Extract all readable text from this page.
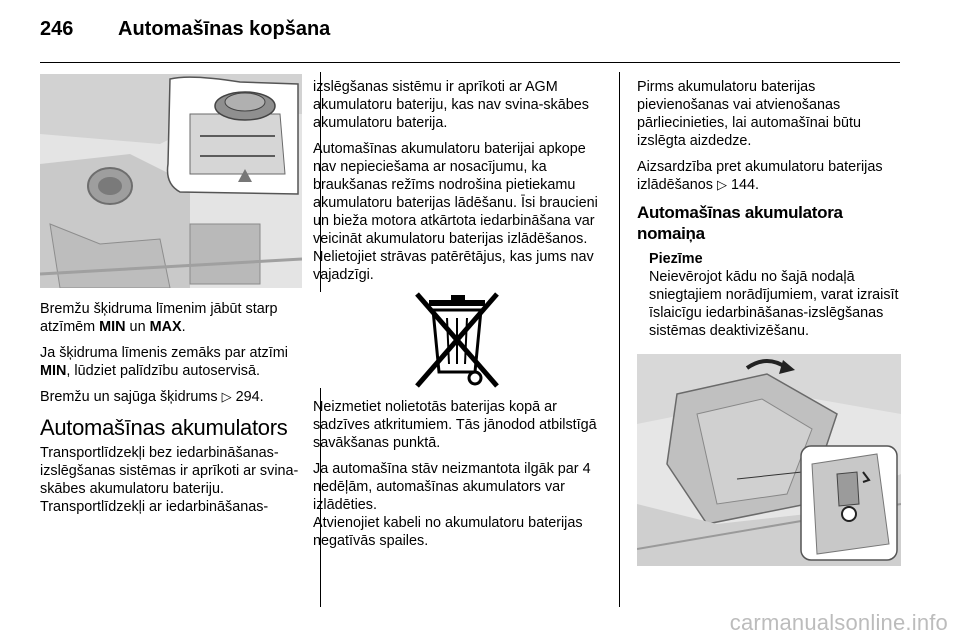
246 Automašīnas kopšana

Bremžu šķidruma līmenim jābūt starp atzīmēm MIN un MAX.

Ja šķidruma līmenis zemāks par atzīmi MIN, lūdziet palīdzību autoservisā.

Bremžu un sajūga šķidrums ▷ 294.

Automašīnas akumulators

Transportlīdzekļi bez iedarbināšanas-izslēgšanas sistēmas ir aprīkoti ar svina-skābes akumulatoru bateriju.

Transportlīdzekļi ar iedarbināšanas-

izslēgšanas sistēmu ir aprīkoti ar AGM akumulatoru bateriju, kas nav svina-skābes akumulatoru baterija.

Automašīnas akumulatoru baterijai apkope nav nepieciešama ar nosacījumu, ka braukšanas režīms nodrošina pietiekamu akumulatoru baterijas lādēšanu. Īsi braucieni un bieža motora atkārtota iedarbināšana var veicināt akumulatoru baterijas izlādēšanos. Nelietojiet strāvas patērētājus, kas jums nav vajadzīgi.

Neizmetiet nolietotās baterijas kopā ar sadzīves atkritumiem. Tās jānodod atbilstīgā savākšanas punktā.

Ja automašīna stāv neizmantota ilgāk par 4 nedēļām, automašīnas akumulators var izlādēties.

Atvienojiet kabeli no akumulatoru baterijas negatīvās spailes.

Pirms akumulatoru baterijas pievienošanas vai atvienošanas pārliecinieties, lai automašīnai būtu izslēgta aizdedze.

Aizsardzība pret akumulatoru baterijas izlādēšanos ▷ 144.

Automašīnas akumulatora nomaiņa
Piezīme
Neievērojot kādu no šajā nodaļā sniegtajiem norādījumiem, varat izraisīt īslaicīgu iedarbināšanas-izslēgšanas sistēmas deaktivizēšanu.
carmanualsonline.info
